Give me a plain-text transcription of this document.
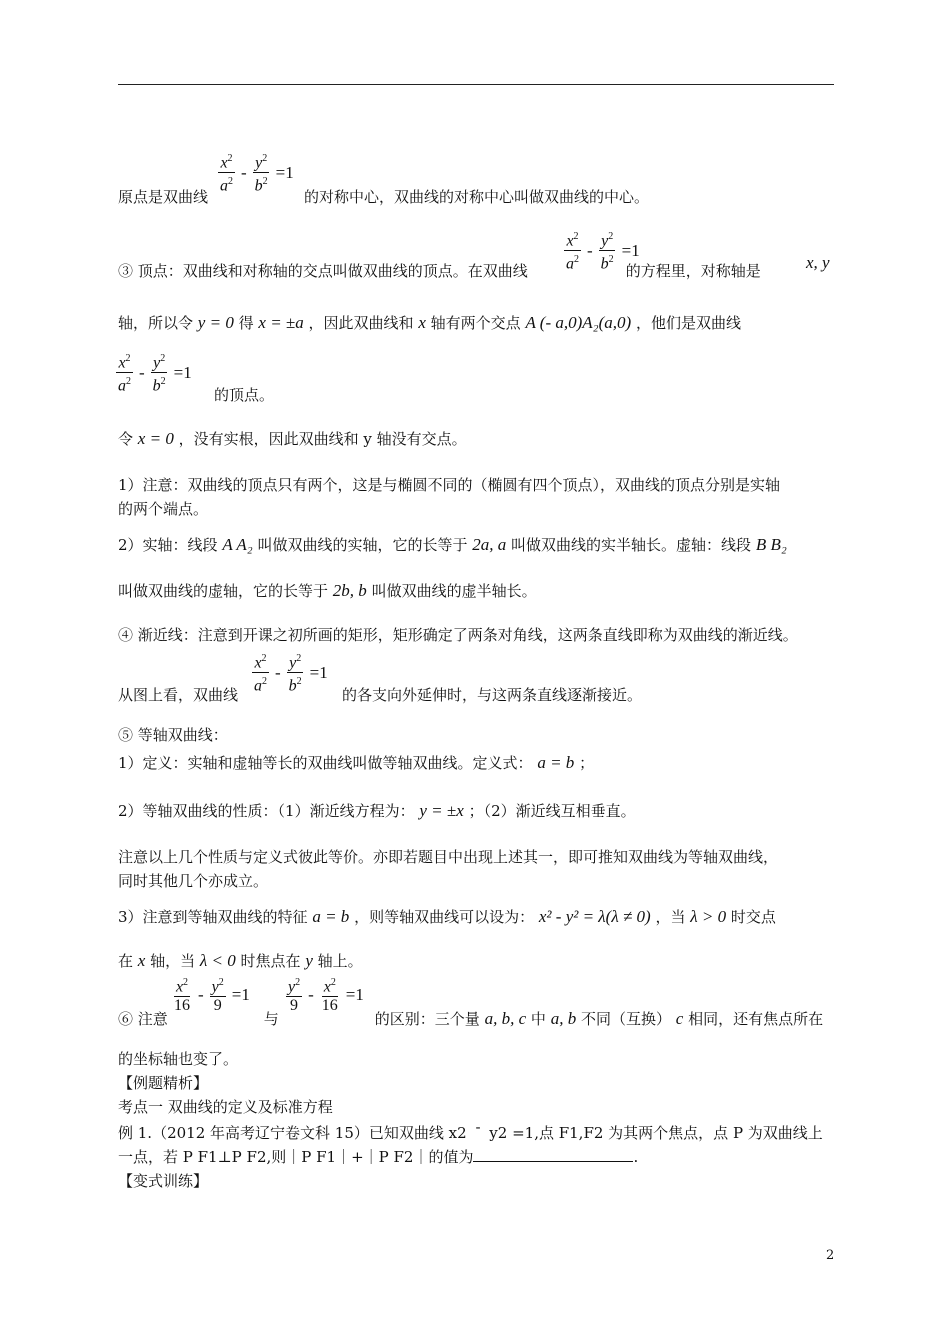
$\frac{x^2}{a^2} - \frac{y^2}{b^2} =1$
原点是双曲线	的对称中心，双曲线的对称中心叫做双曲线的中心。
$\frac{x^2}{a^2} - \frac{y^2}{b^2} =1$
③ 顶点：双曲线和对称轴的交点叫做双曲线的顶点。在双曲线	的方程里，对称轴是	x, y
轴，所以令 y = 0 得 x = ±a ，因此双曲线和 x 轴有两个交点 A (- a,0)A₂(a,0) ，他们是双曲线
$\frac{x^2}{a^2} - \frac{y^2}{b^2} =1$
的顶点。
令 x = 0 ，没有实根，因此双曲线和 y 轴没有交点。
1）注意：双曲线的顶点只有两个，这是与椭圆不同的（椭圆有四个顶点），双曲线的顶点分别是实轴
的两个端点。
2）实轴：线段 A A₂ 叫做双曲线的实轴，它的长等于 2a, a 叫做双曲线的实半轴长。虚轴：线段 B B₂
叫做双曲线的虚轴，它的长等于 2b, b 叫做双曲线的虚半轴长。
④ 渐近线：注意到开课之初所画的矩形，矩形确定了两条对角线，这两条直线即称为双曲线的渐近线。
$\frac{x^2}{a^2} - \frac{y^2}{b^2} =1$
从图上看，双曲线	的各支向外延伸时，与这两条直线逐渐接近。
⑤ 等轴双曲线：
1）定义：实轴和虚轴等长的双曲线叫做等轴双曲线。定义式： a = b ；
2）等轴双曲线的性质：（1）渐近线方程为： y = ±x ；（2）渐近线互相垂直。
注意以上几个性质与定义式彼此等价。亦即若题目中出现上述其一，即可推知双曲线为等轴双曲线，
同时其他几个亦成立。
3）注意到等轴双曲线的特征 a = b ，则等轴双曲线可以设为： x² - y² = λ(λ ≠ 0) ，当 λ > 0 时交点
在 x 轴，当 λ < 0 时焦点在 y 轴上。
$\frac{x^2}{16} - \frac{y^2}{9} =1 \frac{y^2}{9} - \frac{x^2}{16} =1$
⑥ 注意	与	的区别：三个量 a, b, c 中 a, b 不同（互换） c 相同，还有焦点所在
的坐标轴也变了。
【例题精析】
考点一 双曲线的定义及标准方程
例 1.（2012 年高考辽宁卷文科 15）已知双曲线 x2 - y2 =1,点 F1,F2 为其两个焦点，点 P 为双曲线上
一点，若 P F1⊥P F2,则｜P F1｜+｜P F2｜的值为	.
【变式训练】
2
